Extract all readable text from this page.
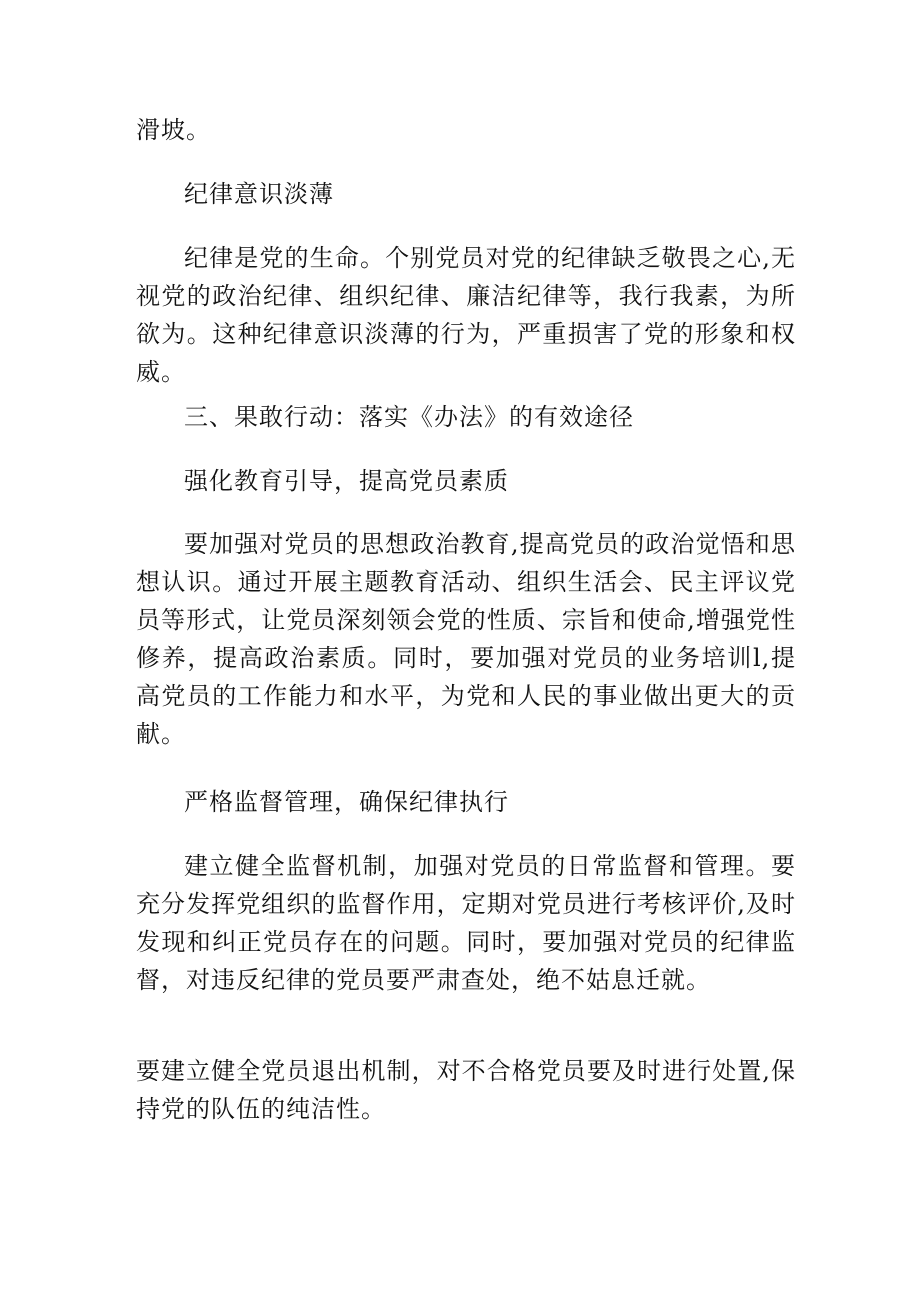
滑坡。
纪律意识淡薄
纪律是党的生命。个别党员对党的纪律缺乏敬畏之心,无视党的政治纪律、组织纪律、廉洁纪律等，我行我素，为所欲为。这种纪律意识淡薄的行为，严重损害了党的形象和权威。
三、果敢行动：落实《办法》的有效途径
强化教育引导，提高党员素质
要加强对党员的思想政治教育,提高党员的政治觉悟和思想认识。通过开展主题教育活动、组织生活会、民主评议党员等形式，让党员深刻领会党的性质、宗旨和使命,增强党性修养，提高政治素质。同时，要加强对党员的业务培训l,提高党员的工作能力和水平，为党和人民的事业做出更大的贡献。
严格监督管理，确保纪律执行
建立健全监督机制，加强对党员的日常监督和管理。要充分发挥党组织的监督作用，定期对党员进行考核评价,及时发现和纠正党员存在的问题。同时，要加强对党员的纪律监督，对违反纪律的党员要严肃查处，绝不姑息迁就。
要建立健全党员退出机制，对不合格党员要及时进行处置,保持党的队伍的纯洁性。
